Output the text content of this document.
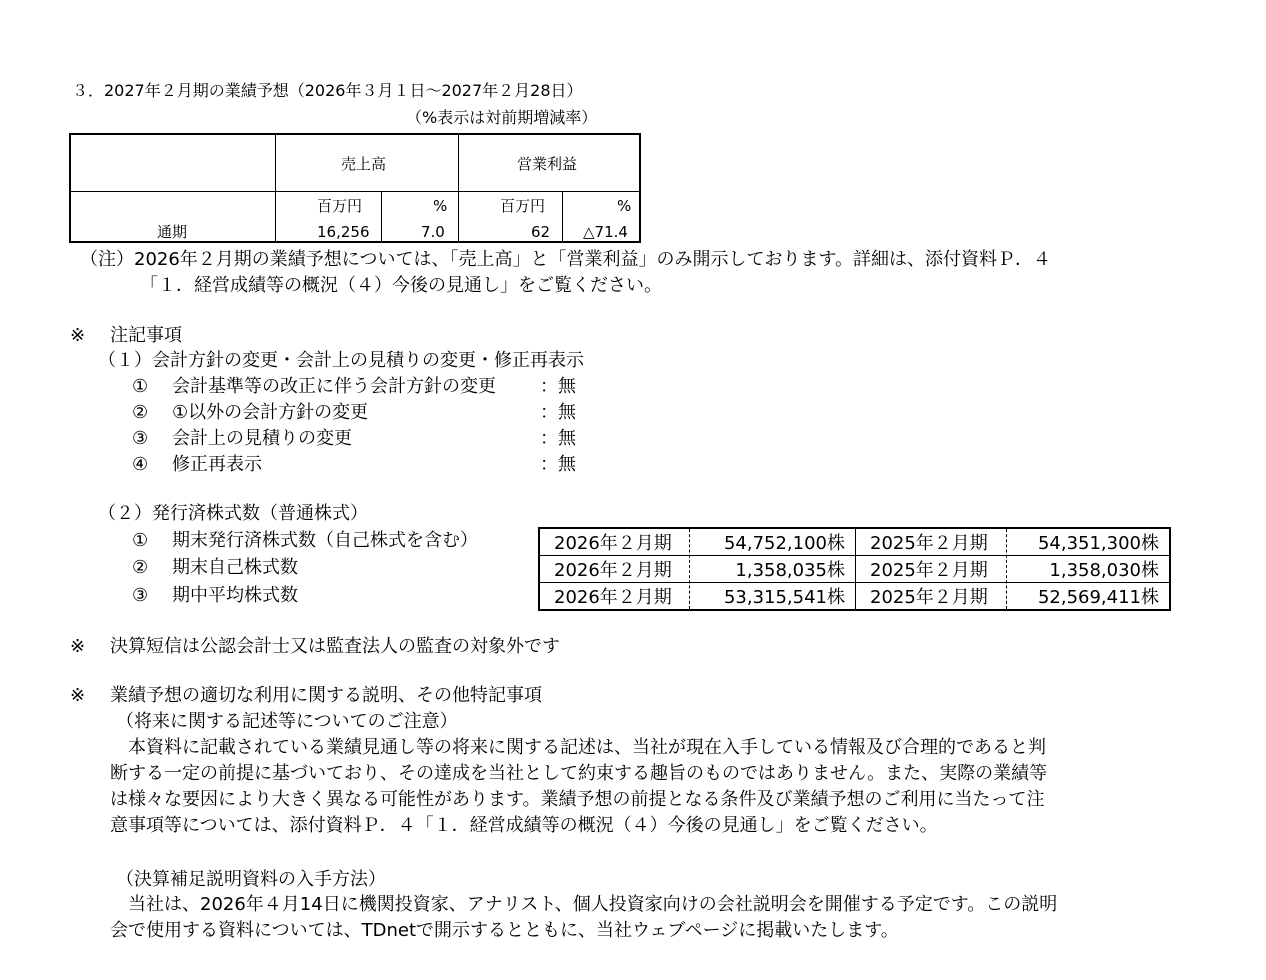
３．2027年２月期の業績予想（2026年３月１日～2027年２月28日）
（%表示は対前期増減率）
売上高	営業利益
百万円	%	百万円	%
通期	16,256	7.0	62 △71.4
（注）2026年２月期の業績予想については、「売上高」と「営業利益」のみ開示しております。詳細は、添付資料Ｐ．４
「１．経営成績等の概況（４）今後の見通し」をご覧ください。
※ 注記事項
（１）会計方針の変更・会計上の見積りの変更・修正再表示
① 会計基準等の改正に伴う会計方針の変更 ：無
② ①以外の会計方針の変更	：無
③ 会計上の見積りの変更	：無
④ 修正再表示	：無
（２）発行済株式数（普通株式）
① 期末発行済株式数（自己株式を含む）
② 期末自己株式数
③ 期中平均株式数
2026年２月期	54,752,100株 2025年２月期	54,351,300株
2026年２月期	1,358,035株 2025年２月期	1,358,030株
2026年２月期	53,315,541株 2025年２月期	52,569,411株
※ 決算短信は公認会計士又は監査法人の監査の対象外です
※ 業績予想の適切な利用に関する説明、その他特記事項
（将来に関する記述等についてのご注意）
本資料に記載されている業績見通し等の将来に関する記述は、当社が現在入手している情報及び合理的であると判
断する一定の前提に基づいており、その達成を当社として約束する趣旨のものではありません。また、実際の業績等
は様々な要因により大きく異なる可能性があります。業績予想の前提となる条件及び業績予想のご利用に当たって注
意事項等については、添付資料Ｐ．４「１．経営成績等の概況（４）今後の見通し」をご覧ください。
（決算補足説明資料の入手方法）
当社は、2026年４月14日に機関投資家、アナリスト、個人投資家向けの会社説明会を開催する予定です。この説明
会で使用する資料については、TDnetで開示するとともに、当社ウェブページに掲載いたします。
